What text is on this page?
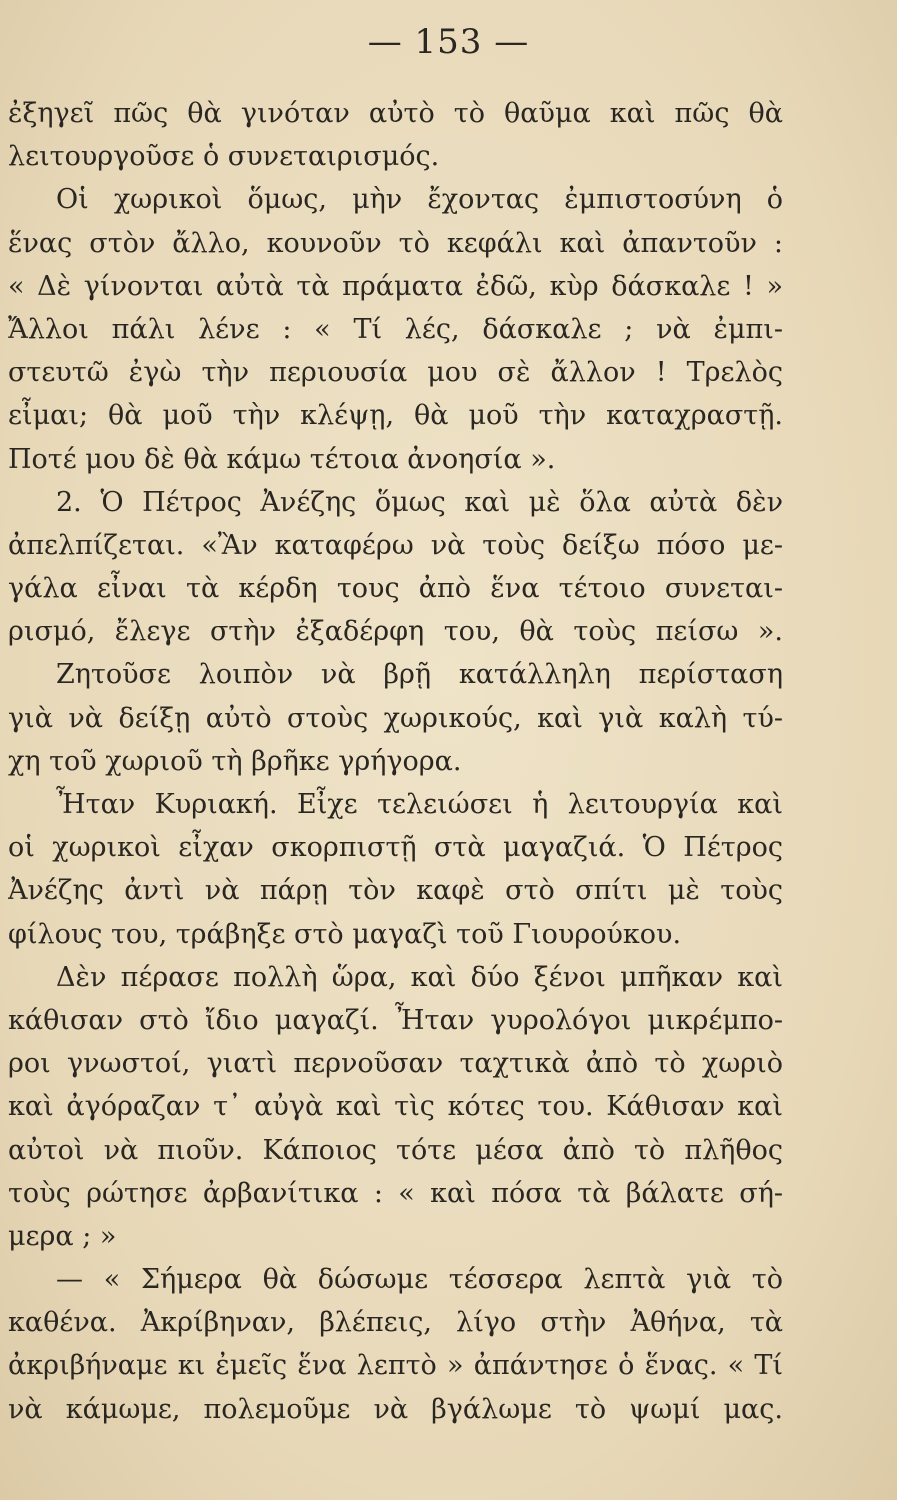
— 153 —
ἐξηγεῖ πῶς θὰ γινόταν αὐτὸ τὸ θαῦμα καὶ πῶς θὰ
λειτουργοῦσε ὁ συνεταιρισμός.
Οἱ χωρικοὶ ὅμως, μὴν ἔχοντας ἐμπιστοσύνη ὁ
ἕνας στὸν ἄλλο, κουνοῦν τὸ κεφάλι καὶ ἀπαντοῦν :
« Δὲ γίνονται αὐτὰ τὰ πράματα ἐδῶ, κὺρ δάσκαλε ! »
Ἄλλοι πάλι λένε : « Τί λές, δάσκαλε ; νὰ ἐμπι-
στευτῶ ἐγὼ τὴν περιουσία μου σὲ ἄλλον ! Τρελὸς
εἶμαι; θὰ μοῦ τὴν κλέψῃ, θὰ μοῦ τὴν καταχραστῇ.
Ποτέ μου δὲ θὰ κάμω τέτοια ἀνοησία ».
2. Ὁ Πέτρος Ἀνέζης ὅμως καὶ μὲ ὅλα αὐτὰ δὲν
ἀπελπίζεται. «Ἂν καταφέρω νὰ τοὺς δείξω πόσο με-
γάλα εἶναι τὰ κέρδη τους ἀπὸ ἕνα τέτοιο συνεται-
ρισμό, ἔλεγε στὴν ἐξαδέρφη του, θὰ τοὺς πείσω ».
Ζητοῦσε λοιπὸν νὰ βρῇ κατάλληλη περίσταση
γιὰ νὰ δείξῃ αὐτὸ στοὺς χωρικούς, καὶ γιὰ καλὴ τύ-
χη τοῦ χωριοῦ τὴ βρῆκε γρήγορα.
Ἦταν Κυριακή. Εἶχε τελειώσει ἡ λειτουργία καὶ
οἱ χωρικοὶ εἶχαν σκορπιστῇ στὰ μαγαζιά. Ὁ Πέτρος
Ἀνέζης ἀντὶ νὰ πάρῃ τὸν καφὲ στὸ σπίτι μὲ τοὺς
φίλους του, τράβηξε στὸ μαγαζὶ τοῦ Γιουρούκου.
Δὲν πέρασε πολλὴ ὥρα, καὶ δύο ξένοι μπῆκαν καὶ
κάθισαν στὸ ἴδιο μαγαζί. Ἦταν γυρολόγοι μικρέμπο-
ροι γνωστοί, γιατὶ περνοῦσαν ταχτικὰ ἀπὸ τὸ χωριὸ
καὶ ἀγόραζαν τ᾿ αὐγὰ καὶ τὶς κότες του. Κάθισαν καὶ
αὐτοὶ νὰ πιοῦν. Κάποιος τότε μέσα ἀπὸ τὸ πλῆθος
τοὺς ρώτησε ἀρβανίτικα : « καὶ πόσα τὰ βάλατε σή-
μερα ; »
— « Σήμερα θὰ δώσωμε τέσσερα λεπτὰ γιὰ τὸ
καθένα. Ἀκρίβηναν, βλέπεις, λίγο στὴν Ἀθήνα, τὰ
ἀκριβήναμε κι ἐμεῖς ἕνα λεπτὸ » ἀπάντησε ὁ ἕνας. « Τί
νὰ κάμωμε, πολεμοῦμε νὰ βγάλωμε τὸ ψωμί μας.
